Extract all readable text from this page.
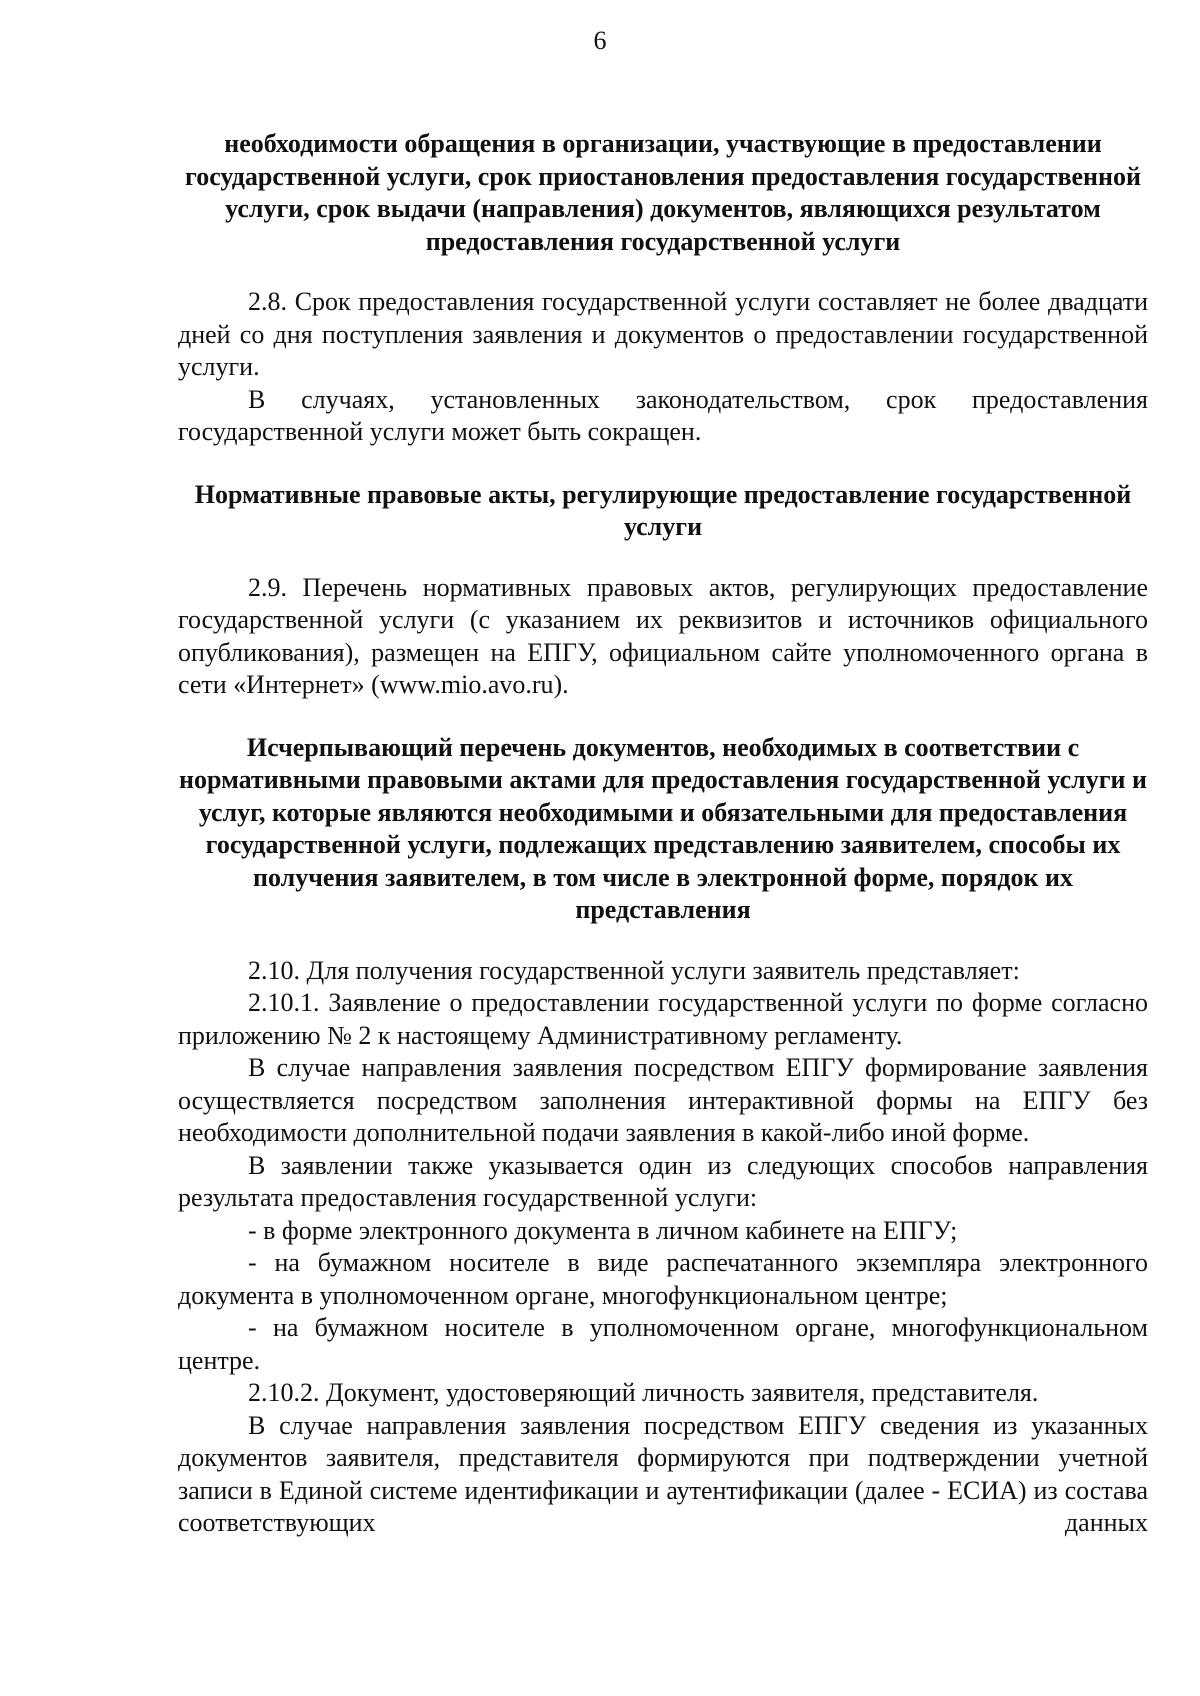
6
необходимости обращения в организации, участвующие в предоставлении государственной услуги, срок приостановления предоставления государственной услуги, срок выдачи (направления) документов, являющихся результатом предоставления государственной услуги

2.8. Срок предоставления государственной услуги составляет не более двадцати дней со дня поступления заявления и документов о предоставлении государственной услуги.

В случаях, установленных законодательством, срок предоставления государственной услуги может быть сокращен.

Нормативные правовые акты, регулирующие предоставление государственной услуги

2.9. Перечень нормативных правовых актов, регулирующих предоставление государственной услуги (с указанием их реквизитов и источников официального опубликования), размещен на ЕПГУ, официальном сайте уполномоченного органа в сети «Интернет» (www.mio.avo.ru).

Исчерпывающий перечень документов, необходимых в соответствии с нормативными правовыми актами для предоставления государственной услуги и услуг, которые являются необходимыми и обязательными для предоставления государственной услуги, подлежащих представлению заявителем, способы их получения заявителем, в том числе в электронной форме, порядок их представления

2.10. Для получения государственной услуги заявитель представляет:

2.10.1. Заявление о предоставлении государственной услуги по форме согласно приложению № 2 к настоящему Административному регламенту.

В случае направления заявления посредством ЕПГУ формирование заявления осуществляется посредством заполнения интерактивной формы на ЕПГУ без необходимости дополнительной подачи заявления в какой-либо иной форме.

В заявлении также указывается один из следующих способов направления результата предоставления государственной услуги:

- в форме электронного документа в личном кабинете на ЕПГУ;

- на бумажном носителе в виде распечатанного экземпляра электронного документа в уполномоченном органе, многофункциональном центре;

- на бумажном носителе в уполномоченном органе, многофункциональном центре.

2.10.2. Документ, удостоверяющий личность заявителя, представителя.

В случае направления заявления посредством ЕПГУ сведения из указанных документов заявителя, представителя формируются при подтверждении учетной записи в Единой системе идентификации и аутентификации (далее - ЕСИА) из состава соответствующих данных
